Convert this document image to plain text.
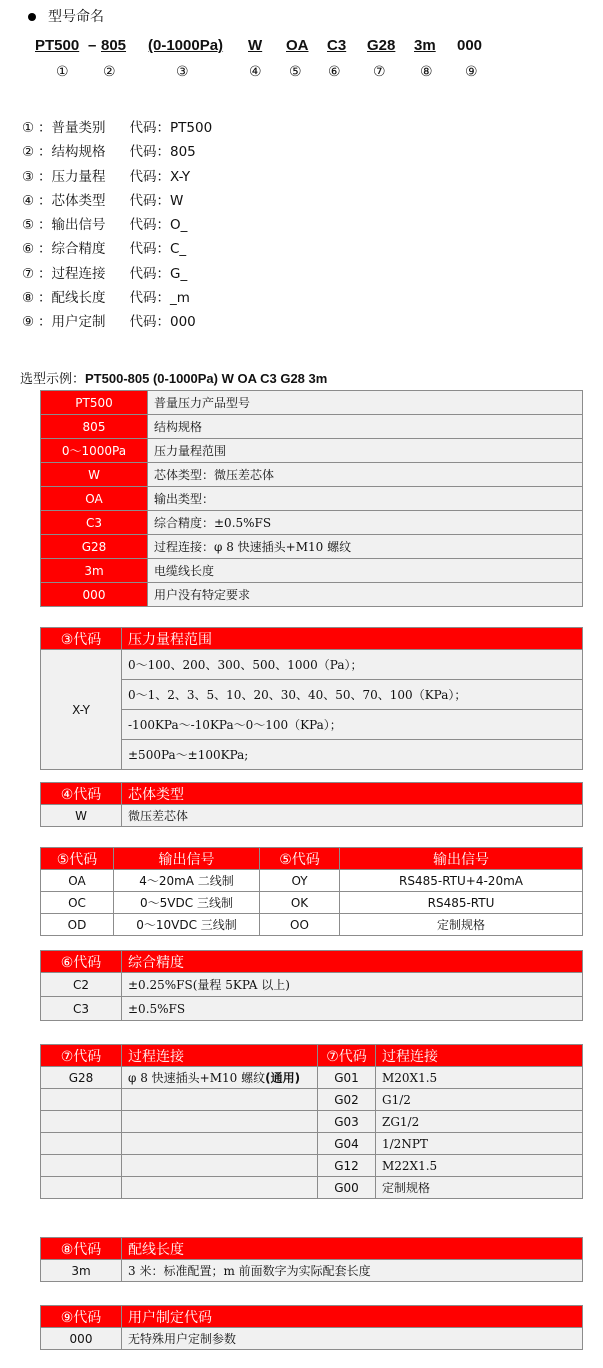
型号命名
PT500 – 805 (0-1000Pa) W OA C3 G28 3m 000
① ②	③	④ ⑤ ⑥ ⑦ ⑧ ⑨
① ：普量类别 代码：PT500
② ：结构规格 代码：805
③ ：压力量程 代码：X-Y
④ ：芯体类型 代码：W
⑤ ：输出信号 代码：O_
⑥ ：综合精度 代码：C_
⑦ ：过程连接 代码：G_
⑧ ：配线长度 代码：_m
⑨ ：用户定制 代码：000
选型示例：PT500-805 (0-1000Pa) W OA C3 G28 3m
PT500	普量压力产品型号
805	结构规格
0～1000Pa	压力量程范围
W	芯体类型：微压差芯体
OA	输出类型：
C3	综合精度：±0.5%FS
G28	过程连接：φ 8 快速插头+M10 螺纹
3m	电缆线长度
000	用户没有特定要求
③代码	压力量程范围
X-Y	0～100、200、300、500、1000（Pa）；
	0～1、2、3、5、10、20、30、40、50、70、100（KPa）；
	-100KPa～-10KPa～0～100（KPa）；
	±500Pa～±100KPa;
④代码	芯体类型
W	微压差芯体
⑤代码	输出信号	⑤代码	输出信号
OA	4～20mA 二线制	OY	RS485-RTU+4-20mA
OC	0～5VDC 三线制	OK	RS485-RTU
OD	0～10VDC 三线制	OO	定制规格
⑥代码	综合精度
C2	±0.25%FS(量程 5KPA 以上)
C3	±0.5%FS
⑦代码	过程连接	⑦代码	过程连接
G28	φ 8 快速插头+M10 螺纹(通用)	G01	M20X1.5
		G02	G1/2
		G03	ZG1/2
		G04	1/2NPT
		G12	M22X1.5
		G00	定制规格
⑧代码	配线长度
3m	3 米：标准配置；m 前面数字为实际配套长度
⑨代码	用户制定代码
000	无特殊用户定制参数
